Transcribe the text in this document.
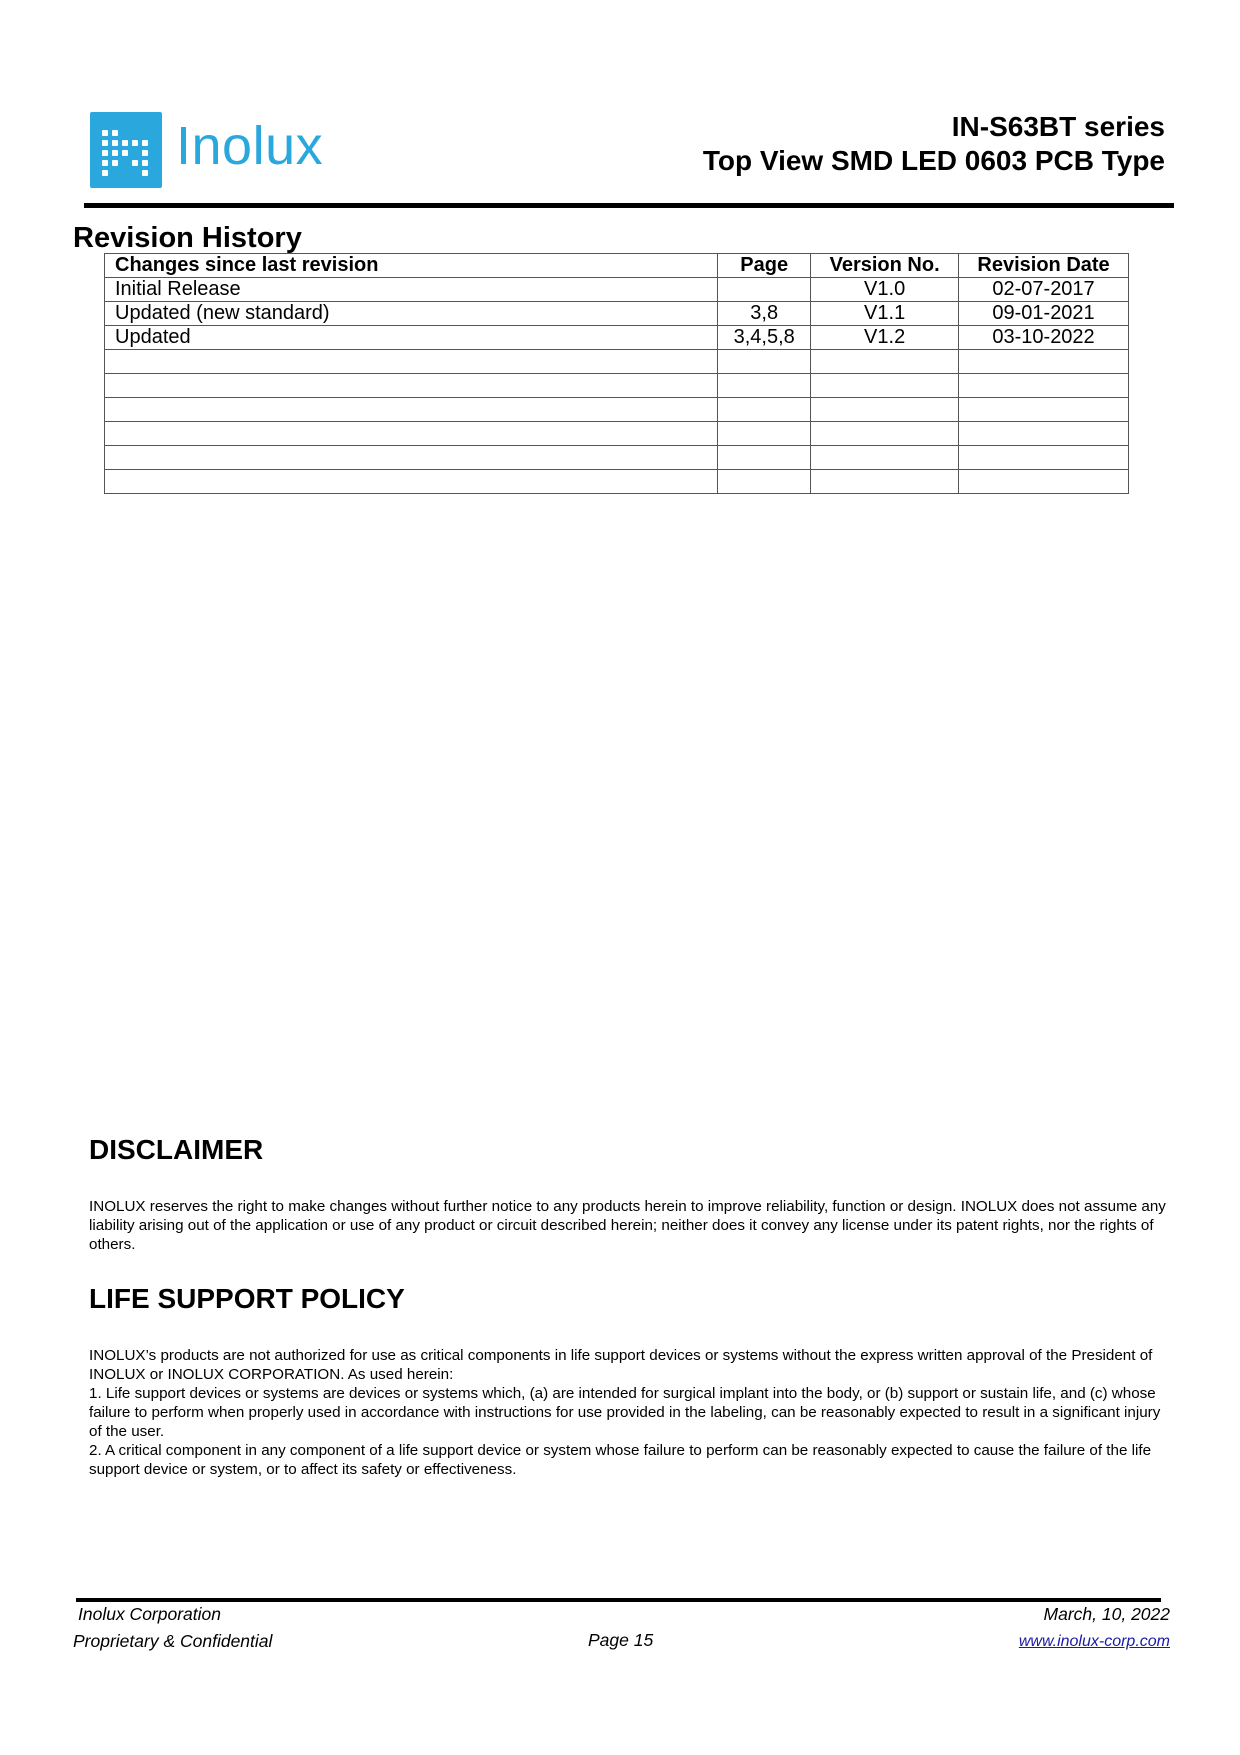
Inolux	IN-S63BT series
Top View SMD LED 0603 PCB Type
Revision History
Changes since last revision	Page	Version No.	Revision Date
Initial Release		V1.0	02-07-2017
Updated (new standard)	3,8	V1.1	09-01-2021
Updated	3,4,5,8	V1.2	03-10-2022

DISCLAIMER

INOLUX reserves the right to make changes without further notice to any products herein to improve reliability, function or design. INOLUX does not assume any liability arising out of the application or use of any product or circuit described herein; neither does it convey any license under its patent rights, nor the rights of others.

LIFE SUPPORT POLICY

INOLUX’s products are not authorized for use as critical components in life support devices or systems without the express written approval of the President of INOLUX or INOLUX CORPORATION. As used herein:

1. Life support devices or systems are devices or systems which, (a) are intended for surgical implant into the body, or (b) support or sustain life, and (c) whose failure to perform when properly used in accordance with instructions for use provided in the labeling, can be reasonably expected to result in a significant injury of the user.

2. A critical component in any component of a life support device or system whose failure to perform can be reasonably expected to cause the failure of the life support device or system, or to affect its safety or effectiveness.

Inolux Corporation
Proprietary & Confidential	Page 15
March, 10, 2022
www.inolux-corp.com
